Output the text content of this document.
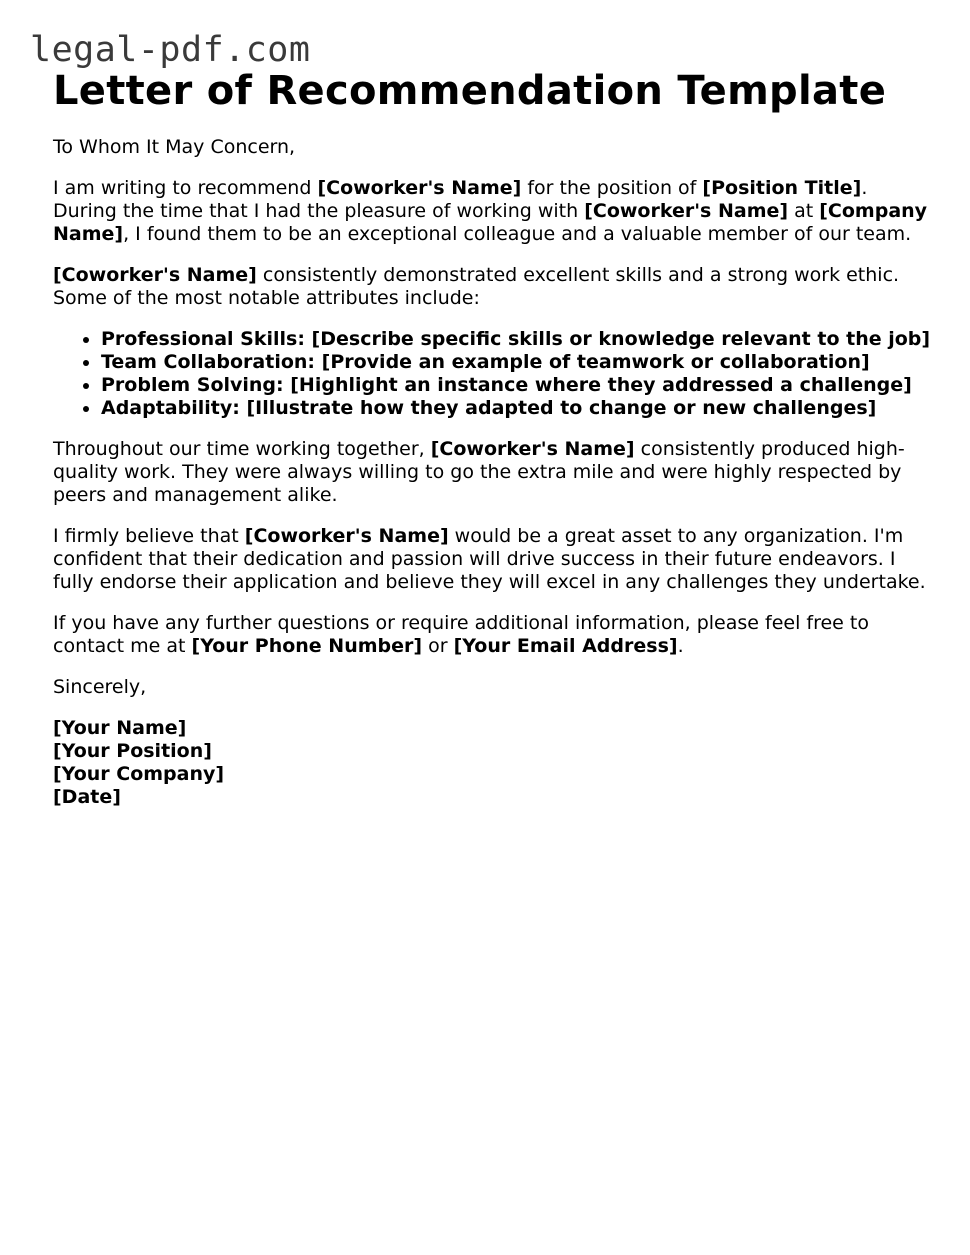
legal-pdf.com
Letter of Recommendation Template

To Whom It May Concern,

I am writing to recommend [Coworker's Name] for the position of [Position Title]. During the time that I had the pleasure of working with [Coworker's Name] at [Company Name], I found them to be an exceptional colleague and a valuable member of our team.

[Coworker's Name] consistently demonstrated excellent skills and a strong work ethic. Some of the most notable attributes include:

• Professional Skills: [Describe specific skills or knowledge relevant to the job]
• Team Collaboration: [Provide an example of teamwork or collaboration]
• Problem Solving: [Highlight an instance where they addressed a challenge]
• Adaptability: [Illustrate how they adapted to change or new challenges]

Throughout our time working together, [Coworker's Name] consistently produced high-quality work. They were always willing to go the extra mile and were highly respected by peers and management alike.

I firmly believe that [Coworker's Name] would be a great asset to any organization. I'm confident that their dedication and passion will drive success in their future endeavors. I fully endorse their application and believe they will excel in any challenges they undertake.

If you have any further questions or require additional information, please feel free to contact me at [Your Phone Number] or [Your Email Address].

Sincerely,

[Your Name]
[Your Position]
[Your Company]
[Date]
